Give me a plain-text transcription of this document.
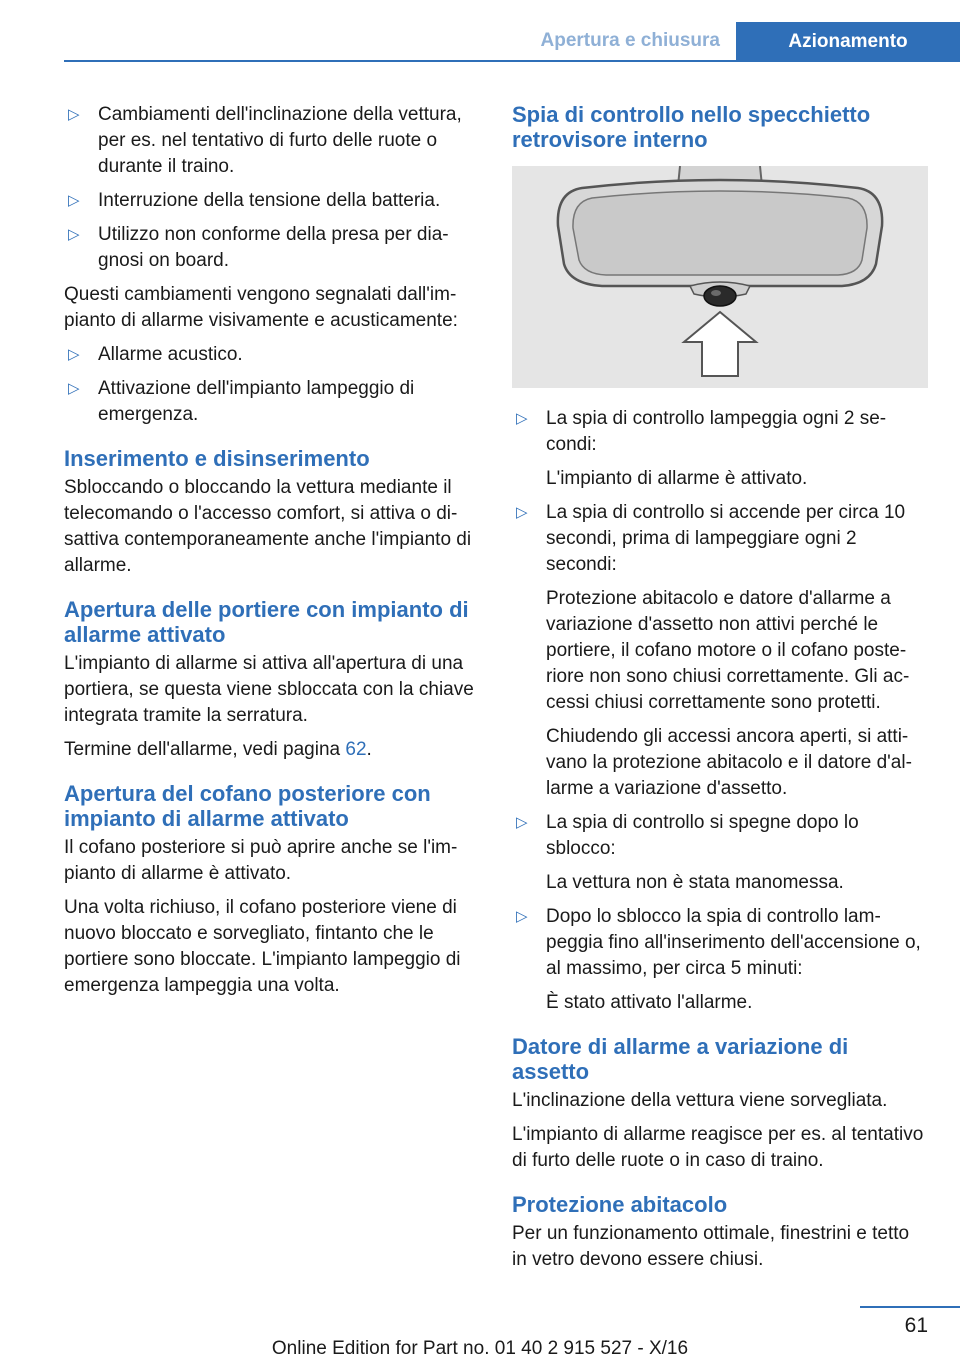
Apertura e chiusura	Azionamento
▷ Cambiamenti dell'inclinazione della vettura, per es. nel tentativo di furto delle ruote o durante il traino.

▷ Interruzione della tensione della batteria.

▷ Utilizzo non conforme della presa per diagnosi on board.

Questi cambiamenti vengono segnalati dall'impianto di allarme visivamente e acusticamente:

▷ Allarme acustico.

▷ Attivazione dell'impianto lampeggio di emergenza.

Inserimento e disinserimento

Sbloccando o bloccando la vettura mediante il telecomando o l'accesso comfort, si attiva o disattiva contemporaneamente anche l'impianto di allarme.

Apertura delle portiere con impianto di allarme attivato

L'impianto di allarme si attiva all'apertura di una portiera, se questa viene sbloccata con la chiave integrata tramite la serratura.

Termine dell'allarme, vedi pagina 62.

Apertura del cofano posteriore con impianto di allarme attivato

Il cofano posteriore si può aprire anche se l'impianto di allarme è attivato.

Una volta richiuso, il cofano posteriore viene di nuovo bloccato e sorvegliato, fintanto che le portiere sono bloccate. L'impianto lampeggio di emergenza lampeggia una volta.

Spia di controllo nello specchietto retrovisore interno
▷ La spia di controllo lampeggia ogni 2 secondi:

L'impianto di allarme è attivato.

▷ La spia di controllo si accende per circa 10 secondi, prima di lampeggiare ogni 2 secondi:

Protezione abitacolo e datore d'allarme a variazione d'assetto non attivi perché le portiere, il cofano motore o il cofano posteriore non sono chiusi correttamente. Gli accessi chiusi correttamente sono protetti.

Chiudendo gli accessi ancora aperti, si attivano la protezione abitacolo e il datore d'allarme a variazione d'assetto.

▷ La spia di controllo si spegne dopo lo sblocco:

La vettura non è stata manomessa.

▷ Dopo lo sblocco la spia di controllo lampeggia fino all'inserimento dell'accensione o, al massimo, per circa 5 minuti:

È stato attivato l'allarme.

Datore di allarme a variazione di assetto

L'inclinazione della vettura viene sorvegliata.

L'impianto di allarme reagisce per es. al tentativo di furto delle ruote o in caso di traino.

Protezione abitacolo

Per un funzionamento ottimale, finestrini e tetto in vetro devono essere chiusi.

61
Online Edition for Part no. 01 40 2 915 527 - X/16
